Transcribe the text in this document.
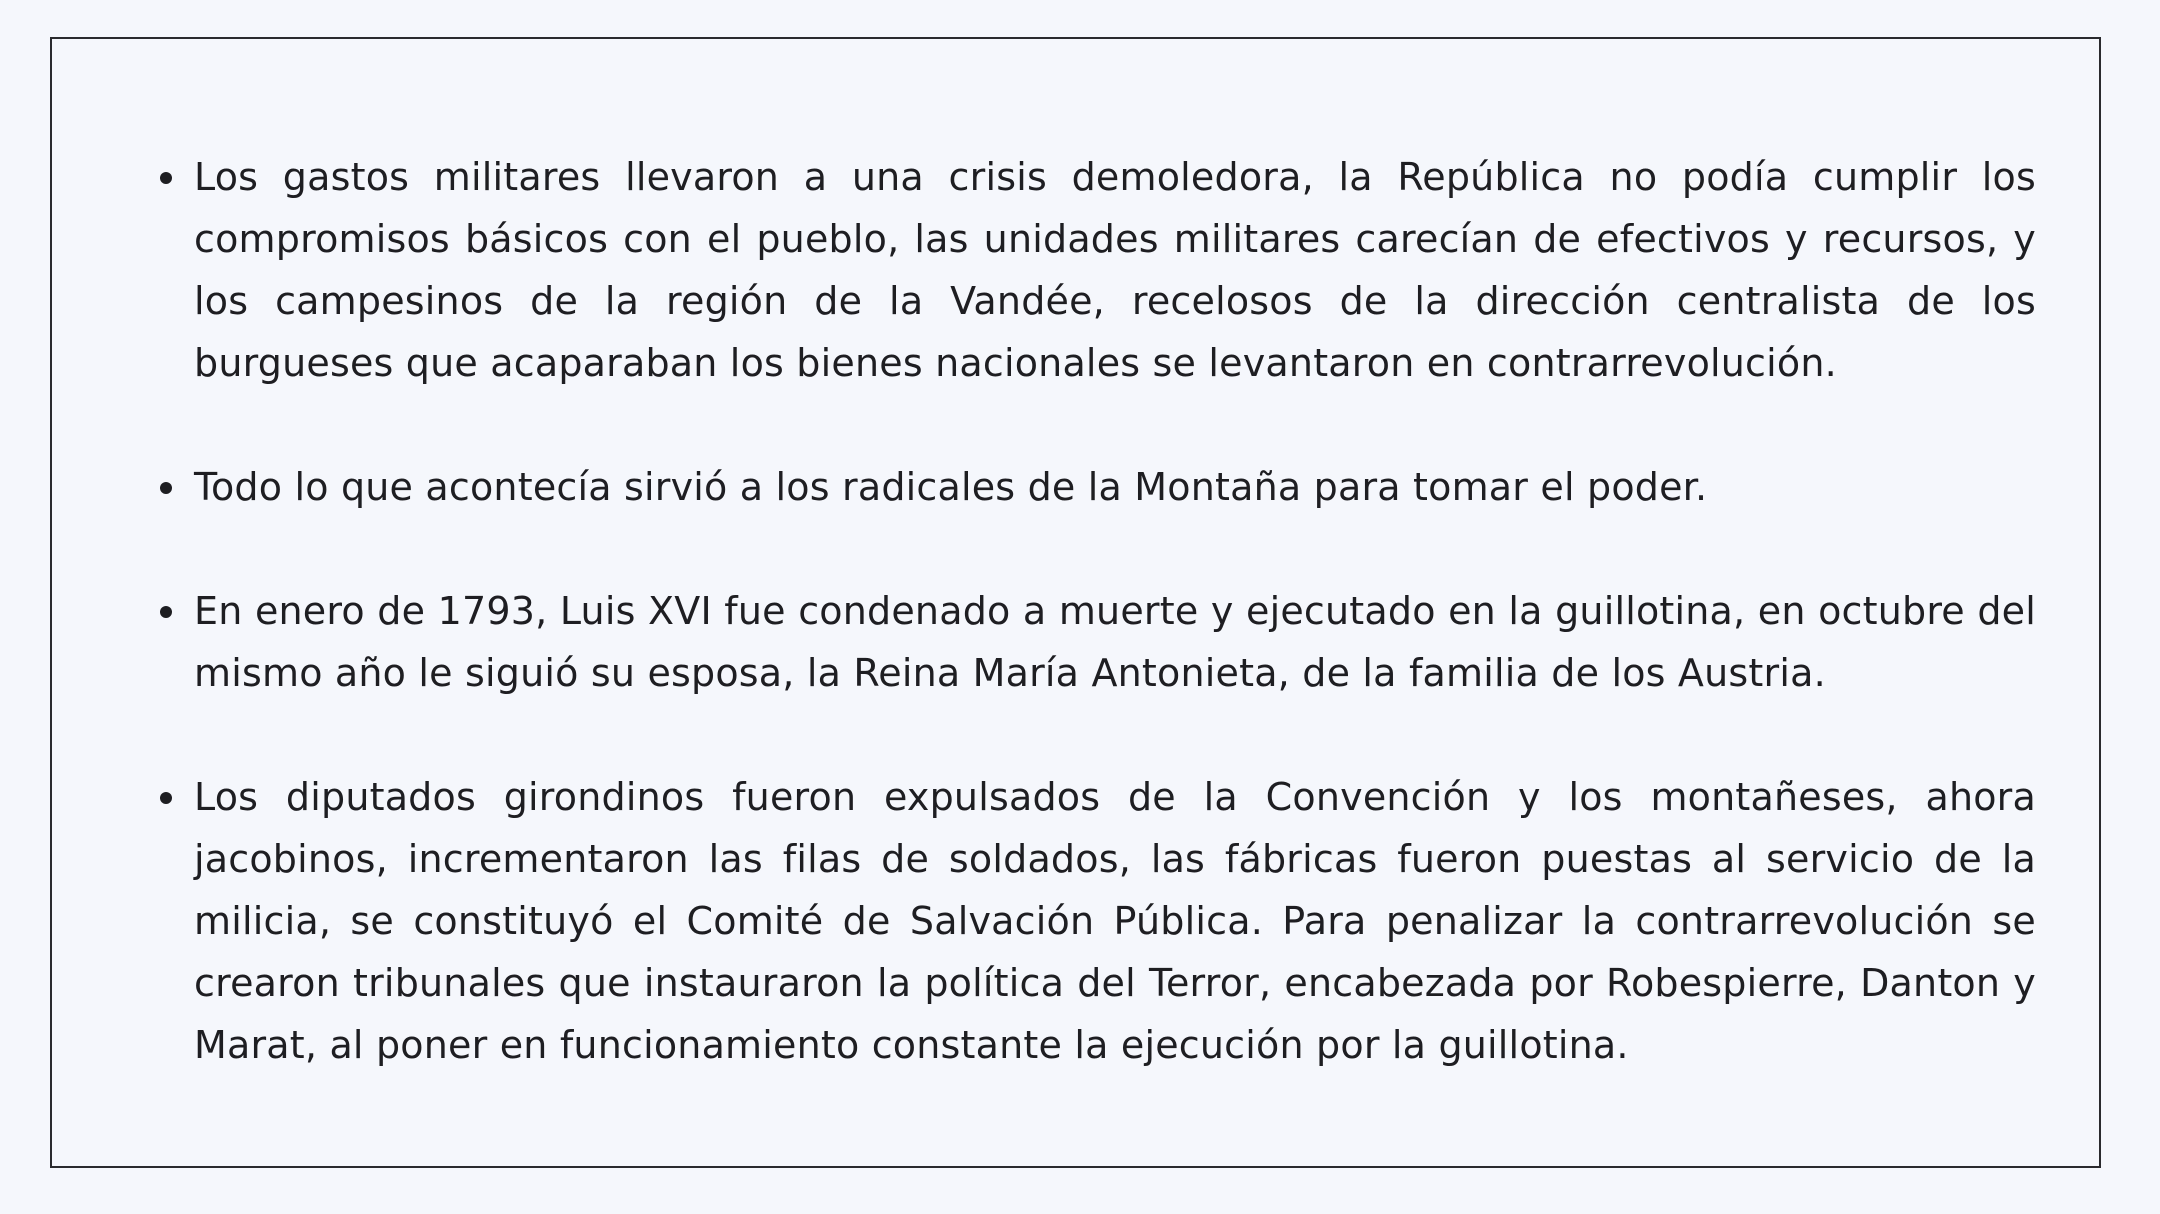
Los gastos militares llevaron a una crisis demoledora, la República no podía cumplir los compromisos básicos con el pueblo, las unidades militares carecían de efectivos y recursos, y los campesinos de la región de la Vandée, recelosos de la dirección centralista de los burgueses que acaparaban los bienes nacionales se levantaron en contrarrevolución.
Todo lo que acontecía sirvió a los radicales de la Montaña para tomar el poder.
En enero de 1793, Luis XVI fue condenado a muerte y ejecutado en la guillotina, en octubre del mismo año le siguió su esposa, la Reina María Antonieta, de la familia de los Austria.
Los diputados girondinos fueron expulsados de la Convención y los montañeses, ahora jacobinos, incrementaron las filas de soldados, las fábricas fueron puestas al servicio de la milicia, se constituyó el Comité de Salvación Pública. Para penalizar la contrarrevolución se crearon tribunales que instauraron la política del Terror, encabezada por Robespierre, Danton y Marat, al poner en funcionamiento constante la ejecución por la guillotina.
